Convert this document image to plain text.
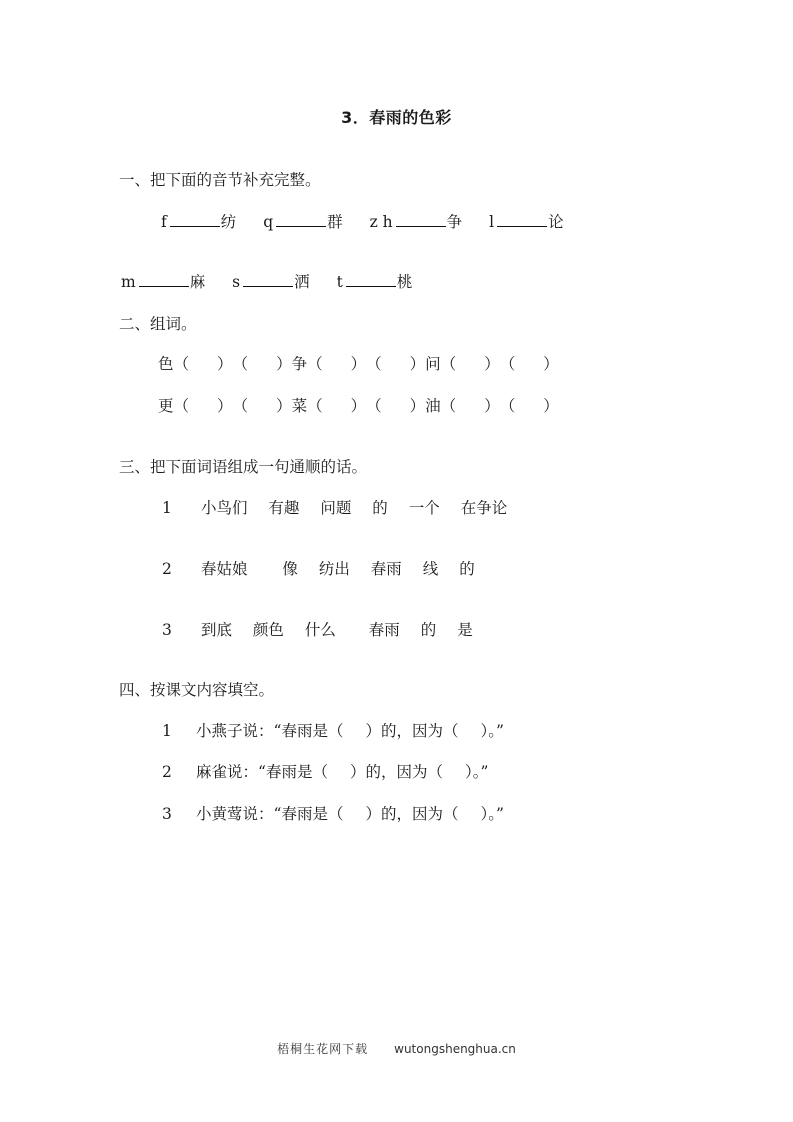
3．春雨的色彩
一、把下面的音节补充完整。
f	纺 q	群 z h	争 l	论
m	麻 s	洒 t	桃
二、组词。
色（ ）（ ）争（ ）（ ）问（ ）（ ）
更（ ）（ ）菜（ ）（ ）油（ ）（ ）
三、把下面词语组成一句通顺的话。
1 小鸟们 有趣 问题 的 一个 在争论
2 春姑娘 像 纺出 春雨 线 的
3 到底 颜色 什么 春雨 的 是
四、按课文内容填空。
1 小燕子说：“春雨是（ ）的，因为（ ）。”
2 麻雀说：“春雨是（ ）的，因为（ ）。”
3 小黄莺说：“春雨是（ ）的，因为（ ）。”
梧桐生花网下载 wutongshenghua.cn
